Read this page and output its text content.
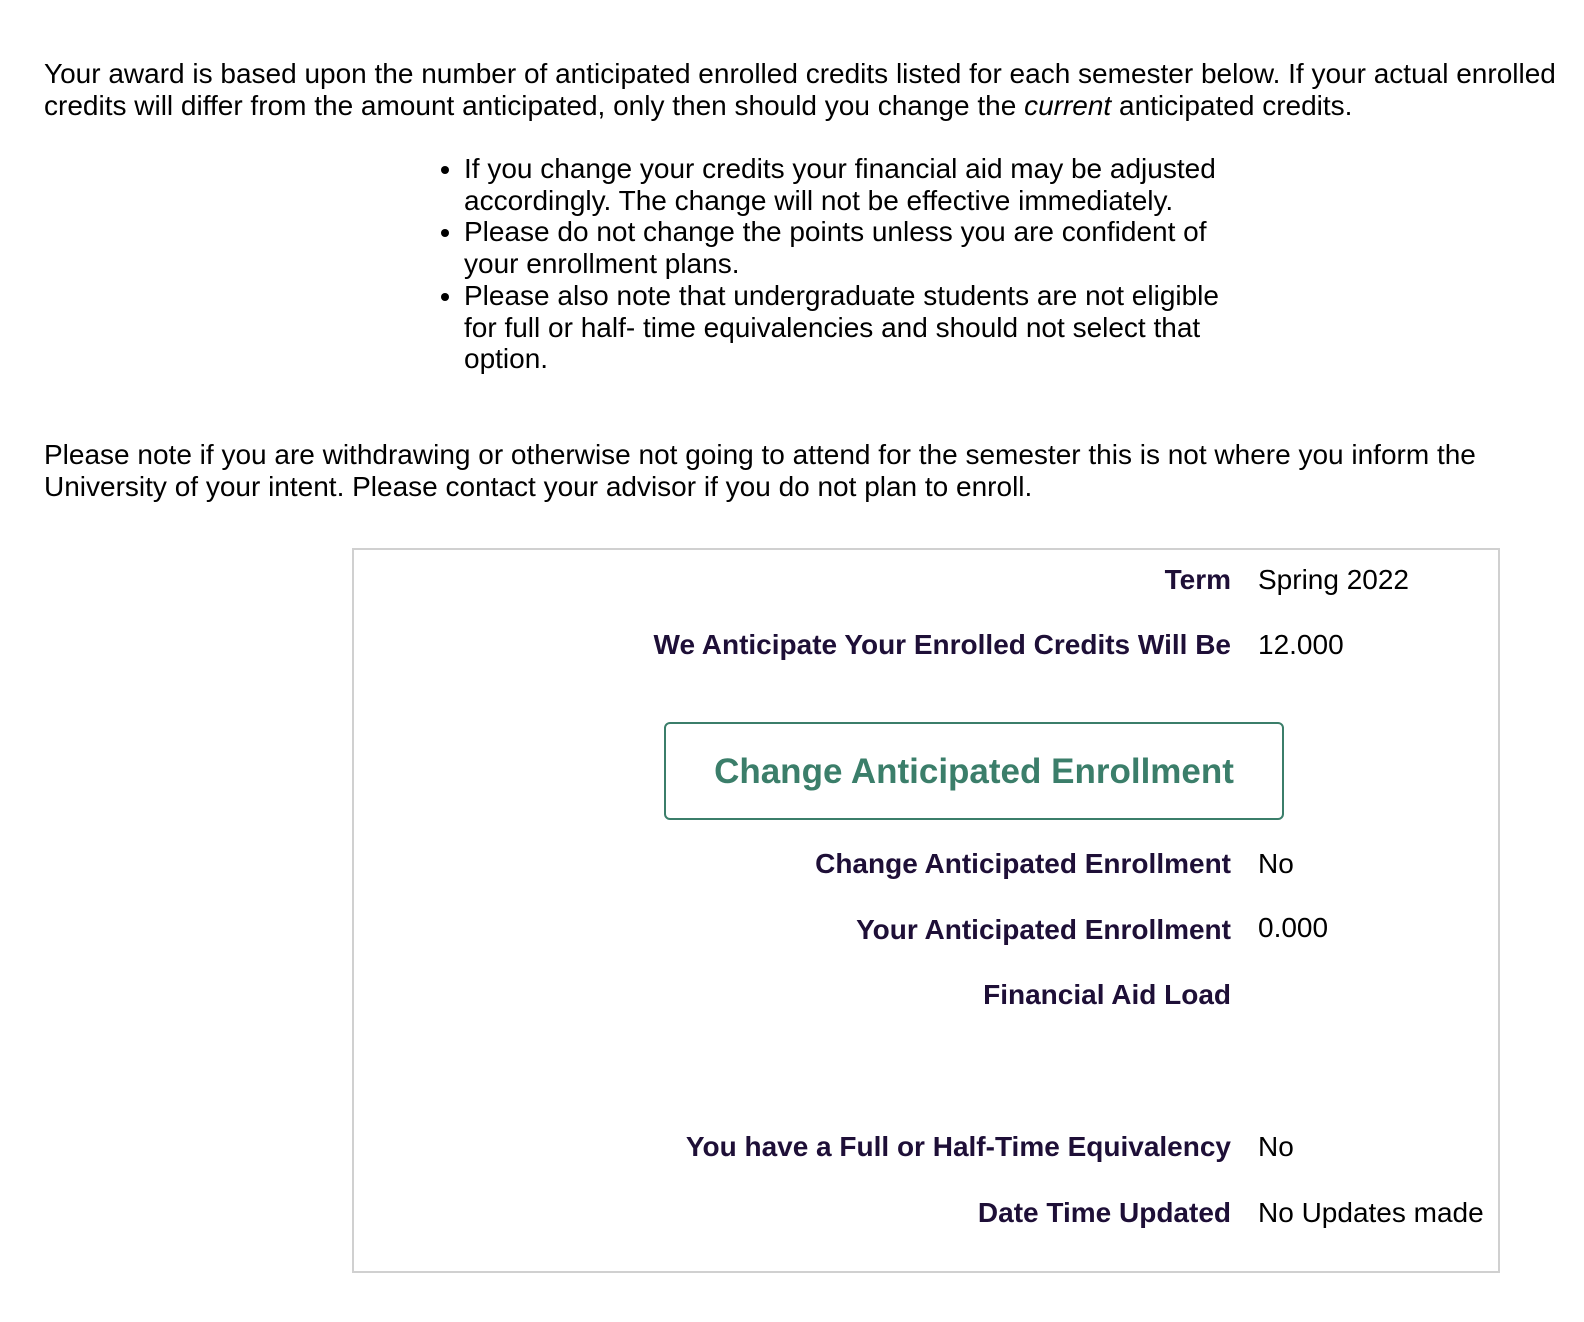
Your award is based upon the number of anticipated enrolled credits listed for each semester below. If your actual enrolled credits will differ from the amount anticipated, only then should you change the current anticipated credits.

• If you change your credits your financial aid may be adjusted accordingly. The change will not be effective immediately.
• Please do not change the points unless you are confident of your enrollment plans.
• Please also note that undergraduate students are not eligible for full or half- time equivalencies and should not select that option.

Please note if you are withdrawing or otherwise not going to attend for the semester this is not where you inform the University of your intent. Please contact your advisor if you do not plan to enroll.

Term Spring 2022
We Anticipate Your Enrolled Credits Will Be 12.000
Change Anticipated Enrollment
Change Anticipated Enrollment No
Your Anticipated Enrollment 0.000
Financial Aid Load
You have a Full or Half-Time Equivalency No
Date Time Updated No Updates made
